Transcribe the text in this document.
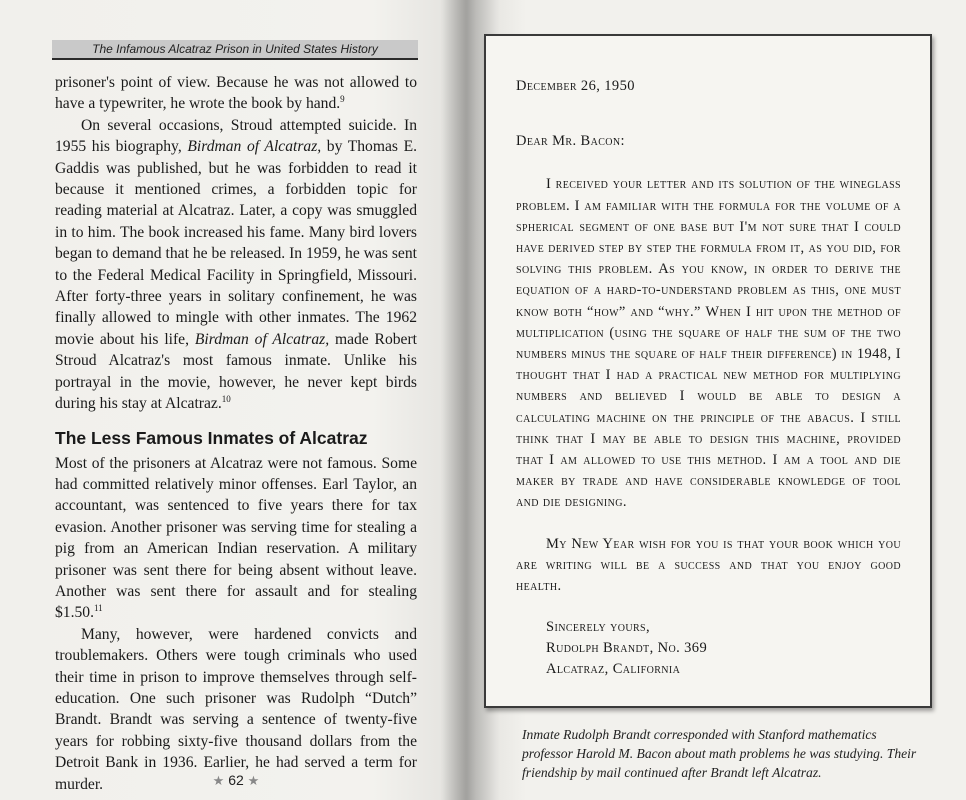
The Infamous Alcatraz Prison in United States History

prisoner's point of view. Because he was not allowed to have a typewriter, he wrote the book by hand.$^9$

On several occasions, Stroud attempted suicide. In 1955 his biography, Birdman of Alcatraz, by Thomas E. Gaddis was published, but he was forbidden to read it because it mentioned crimes, a forbidden topic for reading material at Alcatraz. Later, a copy was smuggled in to him. The book increased his fame. Many bird lovers began to demand that he be released. In 1959, he was sent to the Federal Medical Facility in Springfield, Missouri. After forty-three years in solitary confinement, he was finally allowed to mingle with other inmates. The 1962 movie about his life, Birdman of Alcatraz, made Robert Stroud Alcatraz's most famous inmate. Unlike his portrayal in the movie, however, he never kept birds during his stay at Alcatraz.$^{10}$

The Less Famous Inmates of Alcatraz

Most of the prisoners at Alcatraz were not famous. Some had committed relatively minor offenses. Earl Taylor, an accountant, was sentenced to five years there for tax evasion. Another prisoner was serving time for stealing a pig from an American Indian reservation. A military prisoner was sent there for being absent without leave. Another was sent there for assault and for stealing $1.50.11

Many, however, were hardened convicts and troublemakers. Others were tough criminals who used their time in prison to improve themselves through self-education. One such prisoner was Rudolph “Dutch” Brandt. Brandt was serving a sentence of twenty-five years for robbing sixty-five thousand dollars from the Detroit Bank in 1936. Earlier, he had served a term for murder.	★ 62 ★

December 26, 1950

Dear Mr. Bacon:

I received your letter and its solution of the wineglass problem. I am familiar with the formula for the volume of a spherical segment of one base but I'm not sure that I could have derived step by step the formula from it, as you did, for solving this problem. As you know, in order to derive the equation of a hard-to-understand problem as this, one must know both “how” and “why.” When I hit upon the method of multiplication (using the square of half the sum of the two numbers minus the square of half their difference) in 1948, I thought that I had a practical new method for multiplying numbers and believed I would be able to design a calculating machine on the principle of the abacus. I still think that I may be able to design this machine, provided that I am allowed to use this method. I am a tool and die maker by trade and have considerable knowledge of tool and die designing.

My New Year wish for you is that your book which you are writing will be a success and that you enjoy good health.

Sincerely yours,

Rudolph Brandt, No. 369

Alcatraz, California

Inmate Rudolph Brandt corresponded with Stanford mathematics professor Harold M. Bacon about math problems he was studying. Their friendship by mail continued after Brandt left Alcatraz.
